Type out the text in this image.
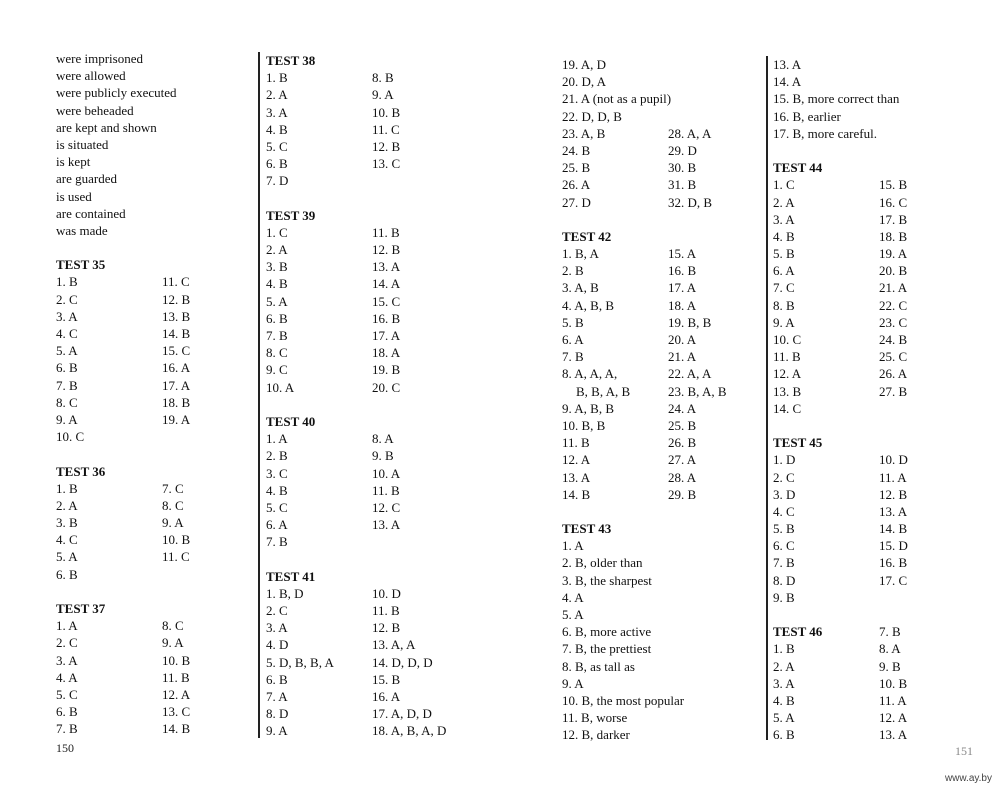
were imprisoned
were allowed
were publicly executed
were beheaded
are kept and shown
is situated
is kept
are guarded
is used
are contained
was made
TEST 35
1. B	11. C
2. C	12. B
3. A	13. B
4. C	14. B
5. A	15. C
6. B	16. A
7. B	17. A
8. C	18. B
9. A	19. A
10. C
TEST 36
1. B	7. C
2. A	8. C
3. B	9. A
4. C	10. B
5. A	11. C
6. B
TEST 37
1. A	8. C
2. C	9. A
3. A	10. B
4. A	11. B
5. C	12. A
6. B	13. C
7. B	14. B
TEST 38
1. B	8. B
2. A	9. A
3. A	10. B
4. B	11. C
5. C	12. B
6. B	13. C
7. D
TEST 39
1. C	11. B
2. A	12. B
3. B	13. A
4. B	14. A
5. A	15. C
6. B	16. B
7. B	17. A
8. C	18. A
9. C	19. B
10. A	20. C
TEST 40
1. A	8. A
2. B	9. B
3. C	10. A
4. B	11. B
5. C	12. C
6. A	13. A
7. B
TEST 41
1. B, D	10. D
2. C	11. B
3. A	12. B
4. D	13. A, A
5. D, B, B, A	14. D, D, D
6. B	15. B
7. A	16. A
8. D	17. A, D, D
9. A	18. A, B, A, D
150
19. A, D
20. D, A
21. A (not as a pupil)
22. D, D, B
23. A, B	28. A, A
24. B	29. D
25. B	30. B
26. A	31. B
27. D	32. D, B
TEST 42
1. B, A	15. A
2. B	16. B
3. A, B	17. A
4. A, B, B	18. A
5. B	19. B, B
6. A	20. A
7. B	21. A
8. A, A, A,	22. A, A
B, B, A, B	23. B, A, B
9. A, B, B	24. A
10. B, B	25. B
11. B	26. B
12. A	27. A
13. A	28. A
14. B	29. B
TEST 43
1. A
2. B, older than
3. B, the sharpest
4. A
5. A
6. B, more active
7. B, the prettiest
8. B, as tall as
9. A
10. B, the most popular
11. B, worse
12. B, darker
13. A
14. A
15. B, more correct than
16. B, earlier
17. B, more careful.
TEST 44
1. C	15. B
2. A	16. C
3. A	17. B
4. B	18. B
5. B	19. A
6. A	20. B
7. C	21. A
8. B	22. C
9. A	23. C
10. C	24. B
11. B	25. C
12. A	26. A
13. B	27. B
14. C
TEST 45
1. D	10. D
2. C	11. A
3. D	12. B
4. C	13. A
5. B	14. B
6. C	15. D
7. B	16. B
8. D	17. C
9. B
TEST 46	7. B
1. B	8. A
2. A	9. B
3. A	10. B
4. B	11. A
5. A	12. A
6. B	13. A
151
www.ay.by
